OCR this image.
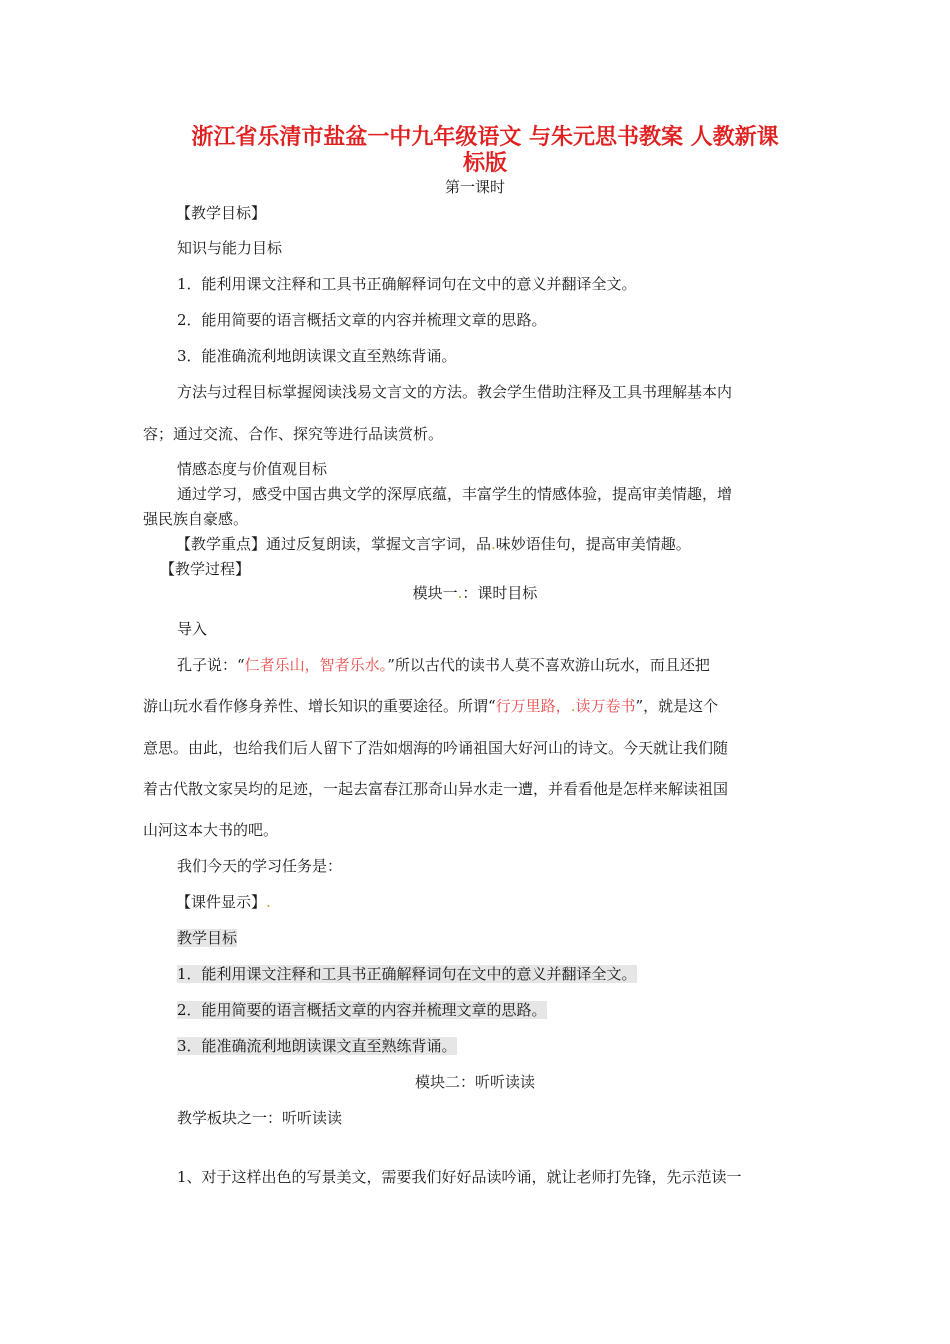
浙江省乐清市盐盆一中九年级语文 与朱元思书教案 人教新课
标版
第一课时
【教学目标】
知识与能力目标
1．能利用课文注释和工具书正确解释词句在文中的意义并翻译全文。
2．能用简要的语言概括文章的内容并梳理文章的思路。
3．能准确流利地朗读课文直至熟练背诵。
方法与过程目标掌握阅读浅易文言文的方法。教会学生借助注释及工具书理解基本内
容；通过交流、合作、探究等进行品读赏析。
情感态度与价值观目标
通过学习，感受中国古典文学的深厚底蕴，丰富学生的情感体验，提高审美情趣，增
强民族自豪感。
【教学重点】通过反复朗读，掌握文言字词，品.味妙语佳句，提高审美情趣。
【教学过程】
模块一.：课时目标
导入
孔子说：“仁者乐山，智者乐水。”所以古代的读书人莫不喜欢游山玩水，而且还把
游山玩水看作修身养性、增长知识的重要途径。所谓“行万里路，.读万卷书”，就是这个
意思。由此，也给我们后人留下了浩如烟海的吟诵祖国大好河山的诗文。今天就让我们随
着古代散文家吴均的足迹，一起去富春江那奇山异水走一遭，并看看他是怎样来解读祖国
山河这本大书的吧。
我们今天的学习任务是：
【课件显示】.
教学目标
1．能利用课文注释和工具书正确解释词句在文中的意义并翻译全文。
2．能用简要的语言概括文章的内容并梳理文章的思路。
3．能准确流利地朗读课文直至熟练背诵。
模块二：听听读读
教学板块之一：听听读读
1、对于这样出色的写景美文，需要我们好好品读吟诵，就让老师打先锋，先示范读一
